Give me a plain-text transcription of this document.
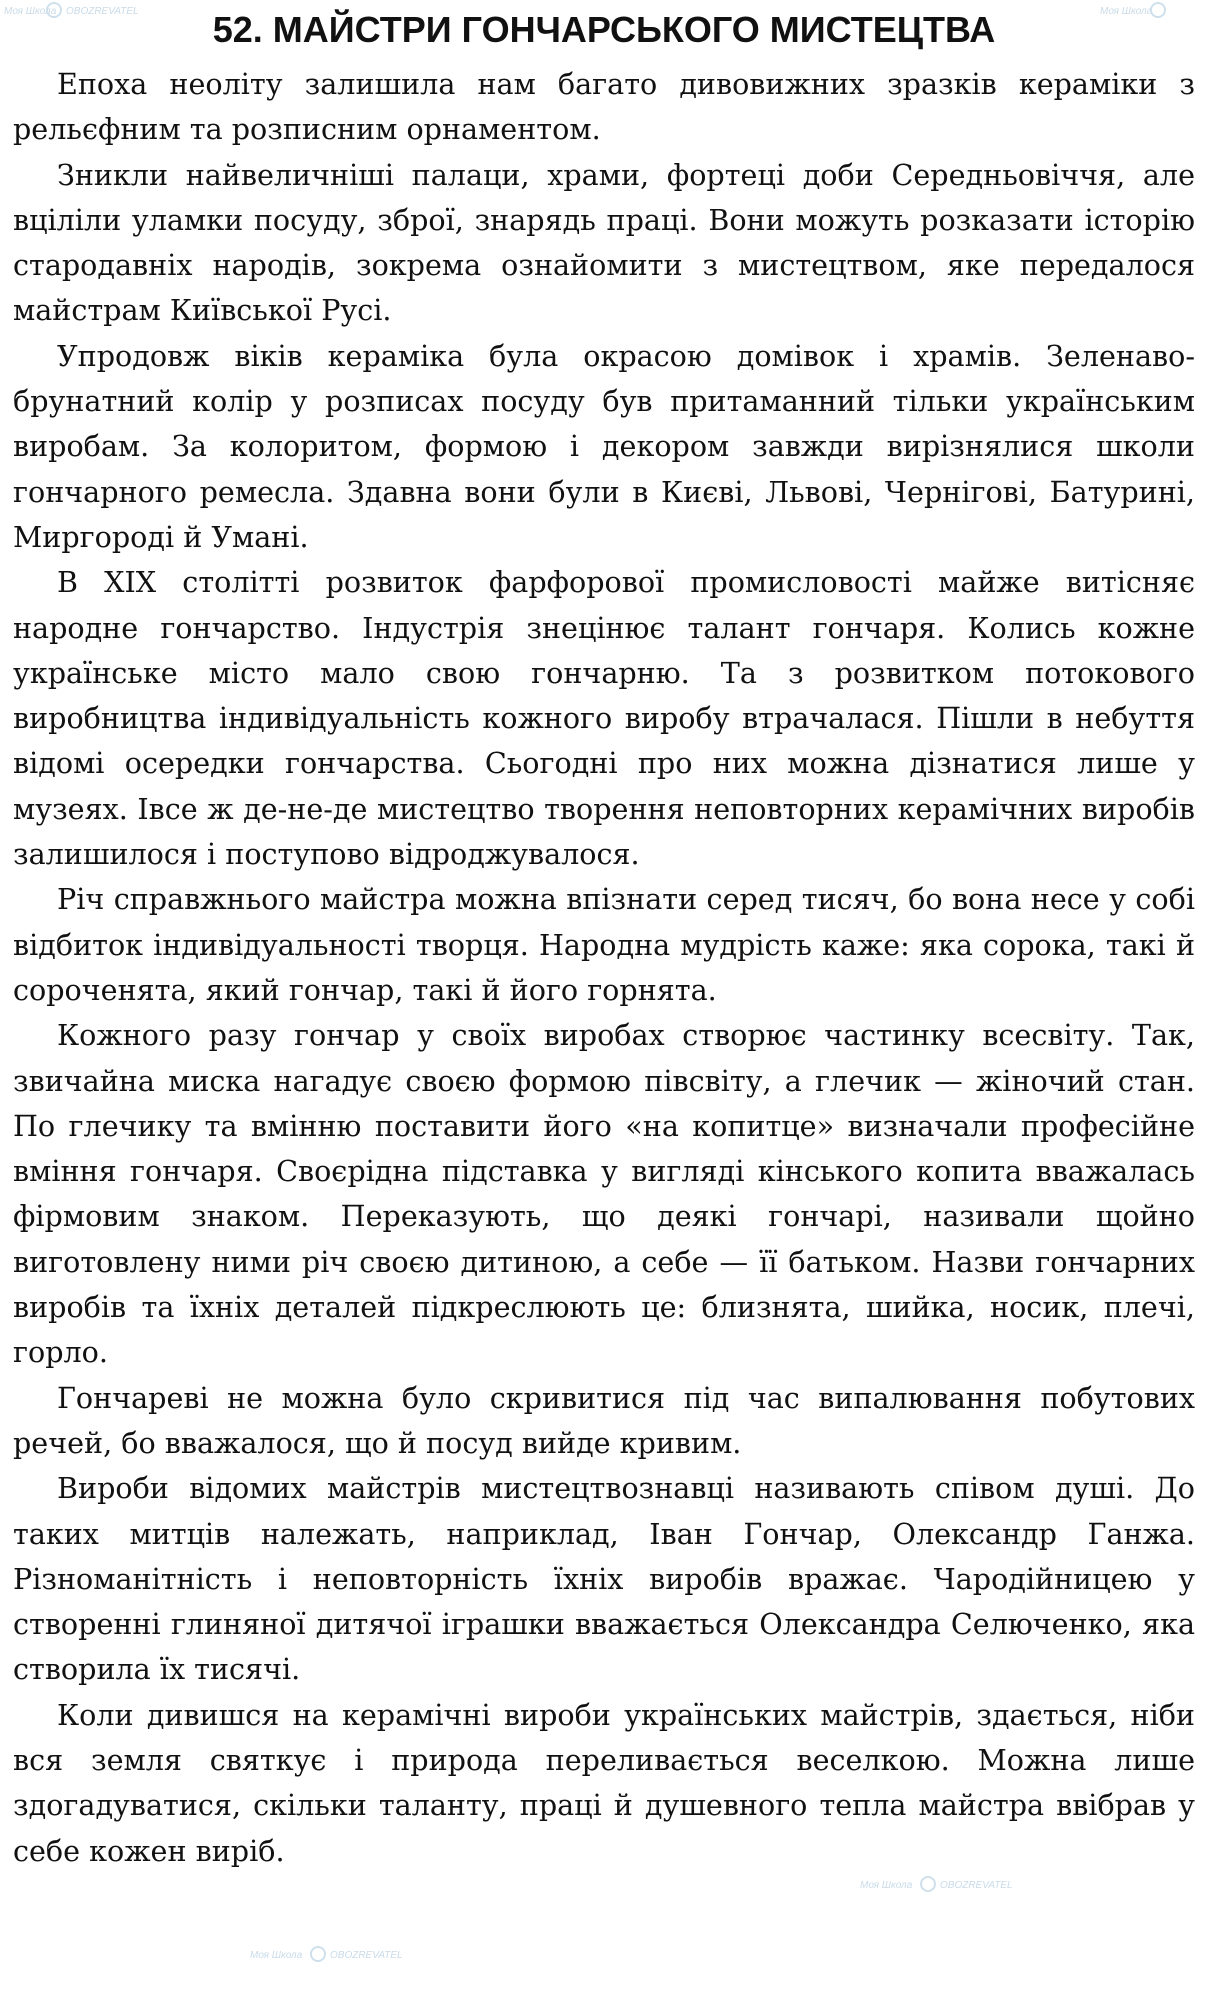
Моя Школа OBOZREVATEL	Моя Школа
Моя Школа	OBOZREVATEL
Моя Школа	OBOZREVATEL
52. МАЙСТРИ ГОНЧАРСЬКОГО МИСТЕЦТВА

Епоха неоліту залишила нам багато дивовижних зразків кераміки з рельєфним та розписним орнаментом.

Зникли найвеличніші палаци, храми, фортеці доби Середньовіччя, але вціліли уламки посуду, зброї, знарядь праці. Вони можуть розказати історію стародавніх народів, зокрема ознайомити з мистецтвом, яке передалося майстрам Київської Русі.

Упродовж віків кераміка була окрасою домівок і храмів. Зеленаво-брунатний колір у розписах посуду був притаманний тільки українським виробам. За колоритом, формою і декором завжди вирізнялися школи гончарного ремесла. Здавна вони були в Києві, Львові, Чернігові, Батурині, Миргороді й Умані.

В XIX столітті розвиток фарфорової промисловості майже витісняє народне гончарство. Індустрія знецінює талант гончаря. Колись кожне українське місто мало свою гончарню. Та з розвитком потокового виробництва індивідуальність кожного виробу втрачалася. Пішли в небуття відомі осередки гончарства. Сьогодні про них можна дізнатися лише у музеях. Івсе ж де-не-де мистецтво творення неповторних керамічних виробів залишилося і поступово відроджувалося.

Річ справжнього майстра можна впізнати серед тисяч, бо вона несе у собі відбиток індивідуальності творця. Народна мудрість каже: яка сорока, такі й сороченята, який гончар, такі й його горнята.

Кожного разу гончар у своїх виробах створює частинку всесвіту. Так, звичайна миска нагадує своєю формою півсвіту, а глечик — жіночий стан. По глечику та вмінню поставити його «на копитце» визначали професійне вміння гончаря. Своєрідна підставка у вигляді кінського копита вважалась фірмовим знаком. Переказують, що деякі гончарі, називали щойно виготовлену ними річ своєю дитиною, а себе — її батьком. Назви гончарних виробів та їхніх деталей підкреслюють це: близнята, шийка, носик, плечі, горло.

Гончареві не можна було скривитися під час випалювання побутових речей, бо вважалося, що й посуд вийде кривим.

Вироби відомих майстрів мистецтвознавці називають співом душі. До таких митців належать, наприклад, Іван Гончар, Олександр Ганжа. Різноманітність і неповторність їхніх виробів вражає. Чародійницею у створенні глиняної дитячої іграшки вважається Олександра Селюченко, яка створила їх тисячі.

Коли дивишся на керамічні вироби українських майстрів, здається, ніби вся земля святкує і природа переливається веселкою. Можна лише здогадуватися, скільки таланту, праці й душевного тепла майстра ввібрав у себе кожен виріб.
